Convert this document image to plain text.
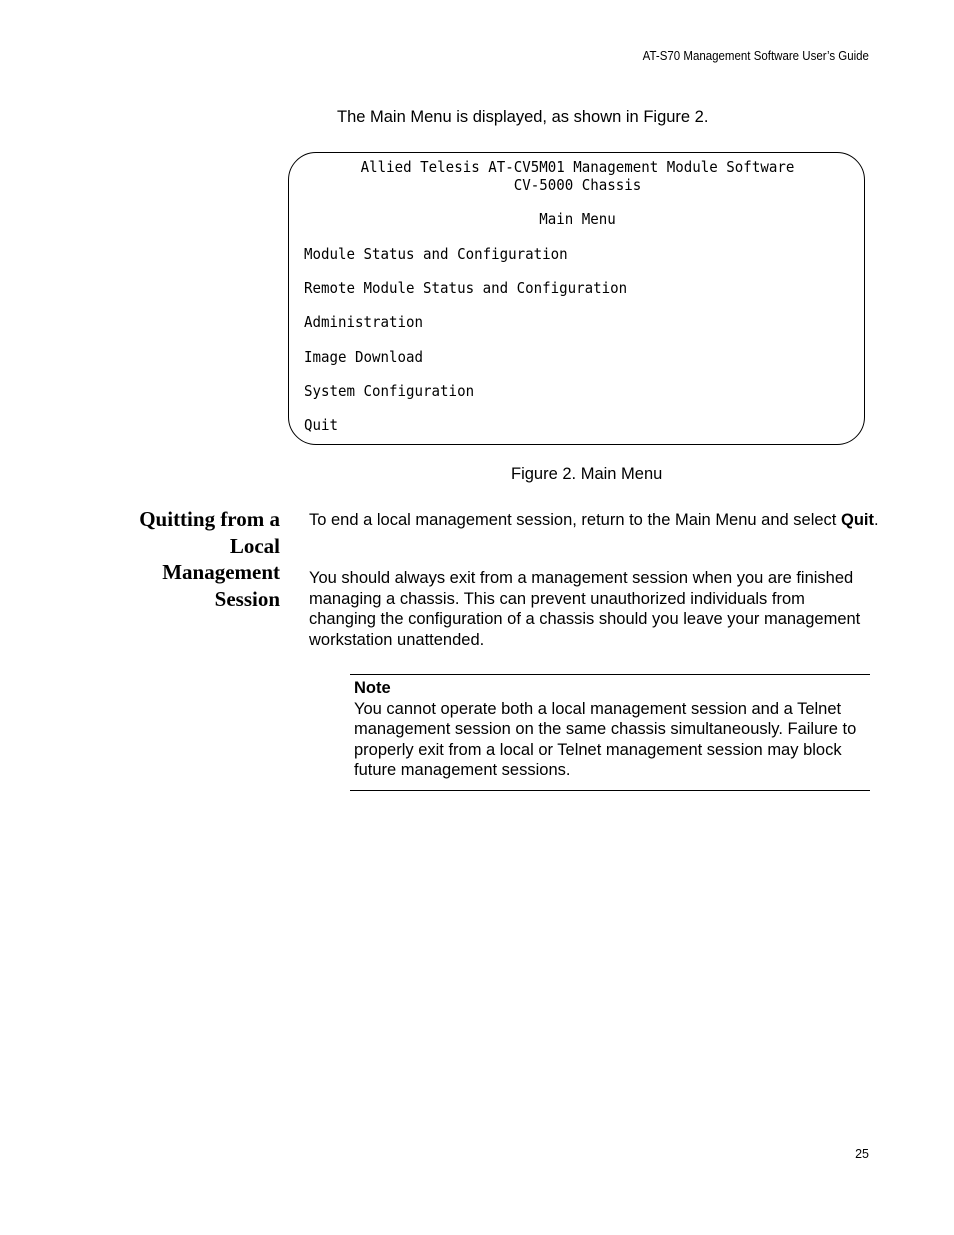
AT-S70 Management Software User’s Guide
The Main Menu is displayed, as shown in Figure 2.
Allied Telesis AT-CV5M01 Management Module Software
CV-5000 Chassis
Main Menu
Module Status and Configuration
Remote Module Status and Configuration
Administration
Image Download
System Configuration
Quit
Figure 2. Main Menu
Quitting from a
Local
Management
Session
To end a local management session, return to the Main Menu and select Quit.
You should always exit from a management session when you are finished managing a chassis. This can prevent unauthorized individuals from changing the configuration of a chassis should you leave your management workstation unattended.
Note
You cannot operate both a local management session and a Telnet management session on the same chassis simultaneously. Failure to properly exit from a local or Telnet management session may block future management sessions.
25
